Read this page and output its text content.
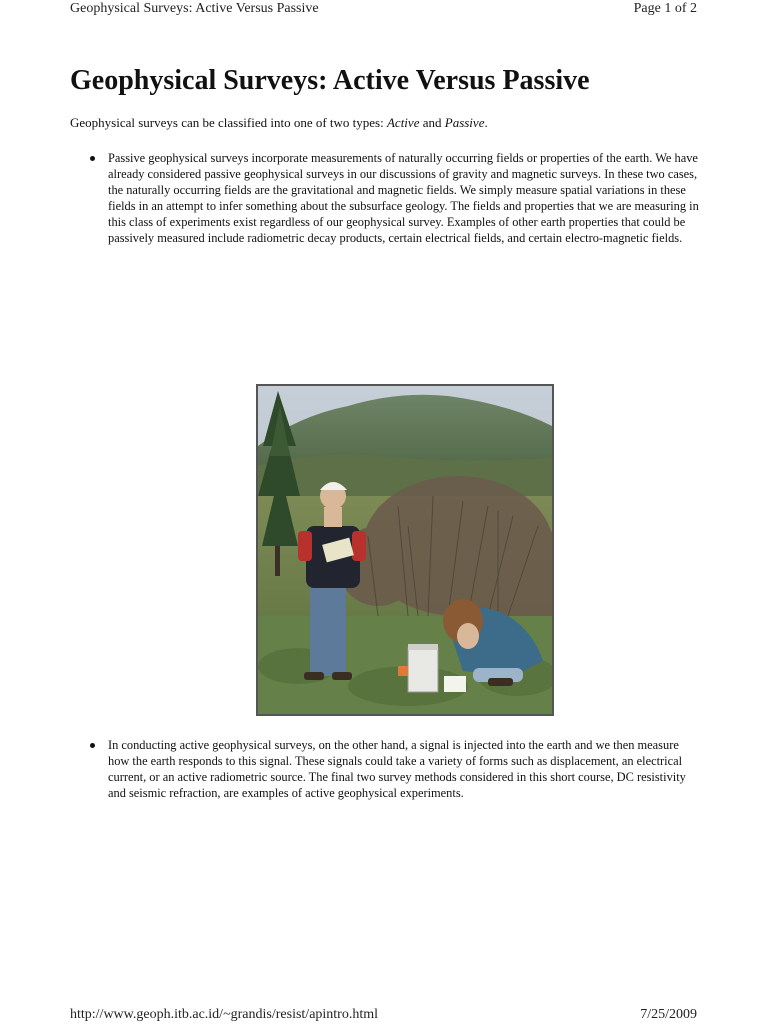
Geophysical Surveys: Active Versus Passive	Page 1 of 2
Geophysical Surveys: Active Versus Passive

Geophysical surveys can be classified into one of two types: Active and Passive.

Passive geophysical surveys incorporate measurements of naturally occurring fields or properties of the earth. We have already considered passive geophysical surveys in our discussions of gravity and magnetic surveys. In these two cases, the naturally occurring fields are the gravitational and magnetic fields. We simply measure spatial variations in these fields in an attempt to infer something about the subsurface geology. The fields and properties that we are measuring in this class of experiments exist regardless of our geophysical survey. Examples of other earth properties that could be passively measured include radiometric decay products, certain electrical fields, and certain electro-magnetic fields.
In conducting active geophysical surveys, on the other hand, a signal is injected into the earth and we then measure how the earth responds to this signal. These signals could take a variety of forms such as displacement, an electrical current, or an active radiometric source. The final two survey methods considered in this short course, DC resistivity and seismic refraction, are examples of active geophysical experiments.
http://www.geoph.itb.ac.id/~grandis/resist/apintro.html	7/25/2009
